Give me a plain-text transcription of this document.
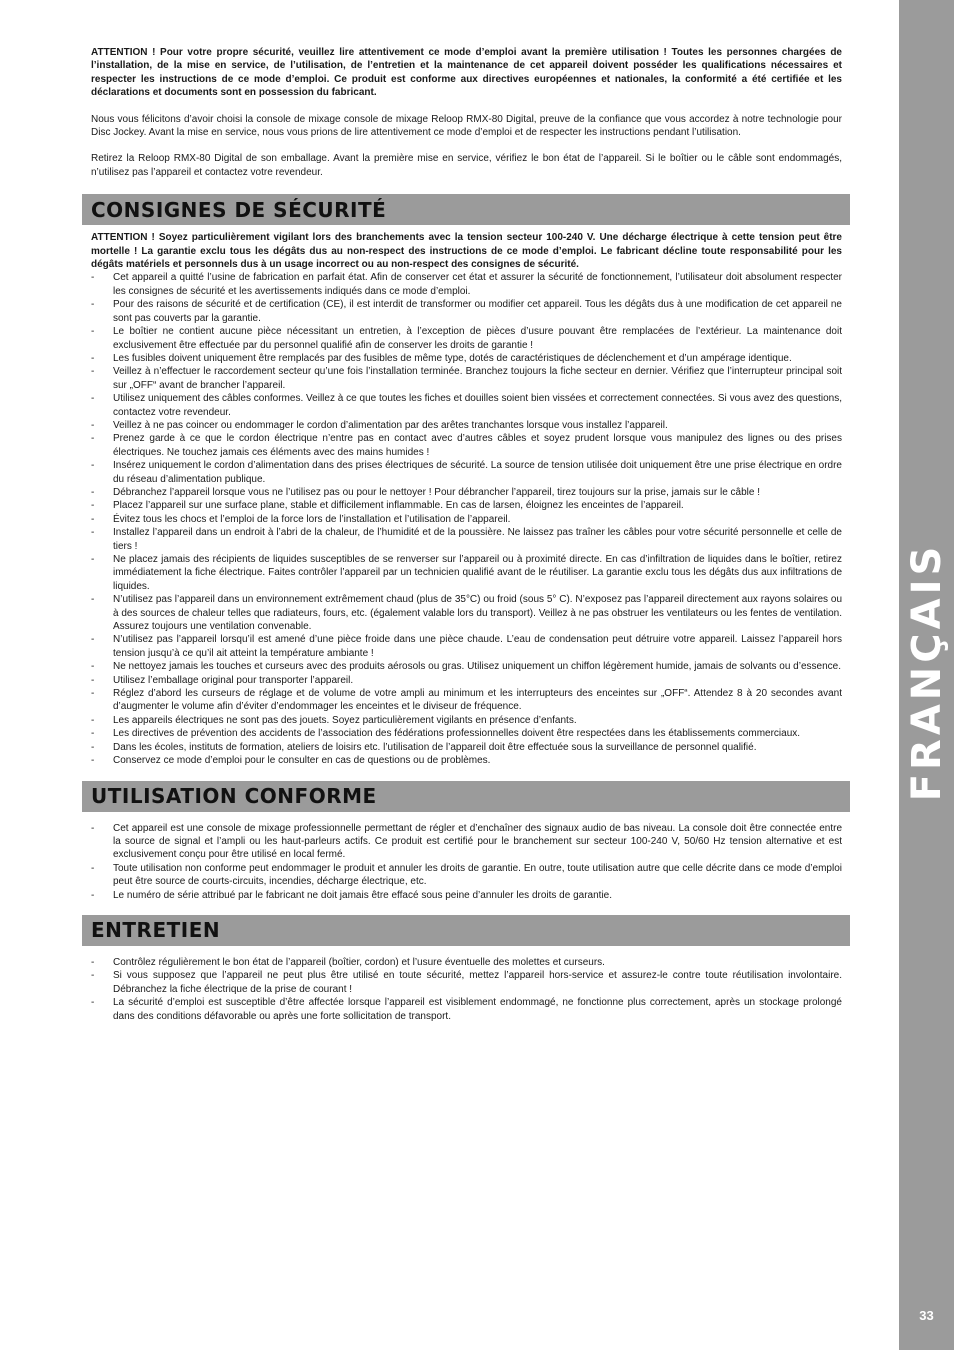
ATTENTION ! Pour votre propre sécurité, veuillez lire attentivement ce mode d’emploi avant la première utilisation ! Toutes les personnes chargées de l’installation, de la mise en service, de l’utilisation, de l’entretien et la maintenance de cet appareil doivent posséder les qualifications nécessaires et respecter les instructions de ce mode d’emploi. Ce produit est conforme aux directives européennes et nationales, la conformité a été certifiée et les déclarations et documents sont en possession du fabricant.

Nous vous félicitons d’avoir choisi la console de mixage console de mixage Reloop RMX-80 Digital, preuve de la confiance que vous accordez à notre technologie pour Disc Jockey. Avant la mise en service, nous vous prions de lire attentivement ce mode d’emploi et de respecter les instructions pendant l’utilisation.

Retirez la Reloop RMX-80 Digital de son emballage. Avant la première mise en service, vérifiez le bon état de l’appareil. Si le boîtier ou le câble sont endommagés, n’utilisez pas l’appareil et contactez votre revendeur.

CONSIGNES DE SÉCURITÉ

ATTENTION ! Soyez particulièrement vigilant lors des branchements avec la tension secteur 100-240 V. Une décharge électrique à cette tension peut être mortelle ! La garantie exclu tous les dégâts dus au non-respect des instructions de ce mode d’emploi. Le fabricant décline toute responsabilité pour les dégâts matériels et personnels dus à un usage incorrect ou au non-respect des consignes de sécurité.

- Cet appareil a quitté l’usine de fabrication en parfait état. Afin de conserver cet état et assurer la sécurité de fonctionnement, l’utilisateur doit absolument respecter les consignes de sécurité et les avertissements indiqués dans ce mode d’emploi.
- Pour des raisons de sécurité et de certification (CE), il est interdit de transformer ou modifier cet appareil. Tous les dégâts dus à une modification de cet appareil ne sont pas couverts par la garantie.
- Le boîtier ne contient aucune pièce nécessitant un entretien, à l’exception de pièces d’usure pouvant être remplacées de l’extérieur. La maintenance doit exclusivement être effectuée par du personnel qualifié afin de conserver les droits de garantie !
- Les fusibles doivent uniquement être remplacés par des fusibles de même type, dotés de caractéristiques de déclenchement et d’un ampérage identique.
- Veillez à n’effectuer le raccordement secteur qu’une fois l’installation terminée. Branchez toujours la fiche secteur en dernier. Vérifiez que l’interrupteur principal soit sur „OFF“ avant de brancher l’appareil.
- Utilisez uniquement des câbles conformes. Veillez à ce que toutes les fiches et douilles soient bien vissées et correctement connectées. Si vous avez des questions, contactez votre revendeur.
- Veillez à ne pas coincer ou endommager le cordon d’alimentation par des arêtes tranchantes lorsque vous installez l’appareil.
- Prenez garde à ce que le cordon électrique n’entre pas en contact avec d’autres câbles et soyez prudent lorsque vous manipulez des lignes ou des prises électriques. Ne touchez jamais ces éléments avec des mains humides !
- Insérez uniquement le cordon d’alimentation dans des prises électriques de sécurité. La source de tension utilisée doit uniquement être une prise électrique en ordre du réseau d’alimentation publique.
- Débranchez l’appareil lorsque vous ne l’utilisez pas ou pour le nettoyer ! Pour débrancher l’appareil, tirez toujours sur la prise, jamais sur le câble !
- Placez l’appareil sur une surface plane, stable et difficilement inflammable. En cas de larsen, éloignez les enceintes de l’appareil.
- Évitez tous les chocs et l’emploi de la force lors de l’installation et l’utilisation de l’appareil.
- Installez l’appareil dans un endroit à l’abri de la chaleur, de l’humidité et de la poussière. Ne laissez pas traîner les câbles pour votre sécurité personnelle et celle de tiers !
- Ne placez jamais des récipients de liquides susceptibles de se renverser sur l’appareil ou à proximité directe. En cas d’infiltration de liquides dans le boîtier, retirez immédiatement la fiche électrique. Faites contrôler l’appareil par un technicien qualifié avant de le réutiliser. La garantie exclu tous les dégâts dus aux infiltrations de liquides.
- N’utilisez pas l’appareil dans un environnement extrêmement chaud (plus de 35°C) ou froid (sous 5° C). N’exposez pas l’appareil directement aux rayons solaires ou à des sources de chaleur telles que radiateurs, fours, etc. (également valable lors du transport). Veillez à ne pas obstruer les ventilateurs ou les fentes de ventilation. Assurez toujours une ventilation convenable.
- N’utilisez pas l’appareil lorsqu’il est amené d’une pièce froide dans une pièce chaude. L’eau de condensation peut détruire votre appareil. Laissez l’appareil hors tension jusqu’à ce qu’il ait atteint la température ambiante !
- Ne nettoyez jamais les touches et curseurs avec des produits aérosols ou gras. Utilisez uniquement un chiffon légèrement humide, jamais de solvants ou d’essence.
- Utilisez l’emballage original pour transporter l’appareil.
- Réglez d’abord les curseurs de réglage et de volume de votre ampli au minimum et les interrupteurs des enceintes sur „OFF“. Attendez 8 à 20 secondes avant d’augmenter le volume afin d’éviter d’endommager les enceintes et le diviseur de fréquence.
- Les appareils électriques ne sont pas des jouets. Soyez particulièrement vigilants en présence d’enfants.
- Les directives de prévention des accidents de l’association des fédérations professionnelles doivent être respectées dans les établissements commerciaux.
- Dans les écoles, instituts de formation, ateliers de loisirs etc. l’utilisation de l’appareil doit être effectuée sous la surveillance de personnel qualifié.
- Conservez ce mode d’emploi pour le consulter en cas de questions ou de problèmes.
UTILISATION CONFORME
- Cet appareil est une console de mixage professionnelle permettant de régler et d’enchaîner des signaux audio de bas niveau. La console doit être connectée entre la source de signal et l’ampli ou les haut-parleurs actifs. Ce produit est certifié pour le branchement sur secteur 100-240 V, 50/60 Hz tension alternative et est exclusivement conçu pour être utilisé en local fermé.
- Toute utilisation non conforme peut endommager le produit et annuler les droits de garantie. En outre, toute utilisation autre que celle décrite dans ce mode d’emploi peut être source de courts-circuits, incendies, décharge électrique, etc.
- Le numéro de série attribué par le fabricant ne doit jamais être effacé sous peine d’annuler les droits de garantie.
ENTRETIEN
- Contrôlez régulièrement le bon état de l’appareil (boîtier, cordon) et l’usure éventuelle des molettes et curseurs.
- Si vous supposez que l’appareil ne peut plus être utilisé en toute sécurité, mettez l’appareil hors-service et assurez-le contre toute réutilisation involontaire. Débranchez la fiche électrique de la prise de courant !
- La sécurité d’emploi est susceptible d’être affectée lorsque l’appareil est visiblement endommagé, ne fonctionne plus correctement, après un stockage prolongé dans des conditions défavorable ou après une forte sollicitation de transport.
FRANÇAIS
33
